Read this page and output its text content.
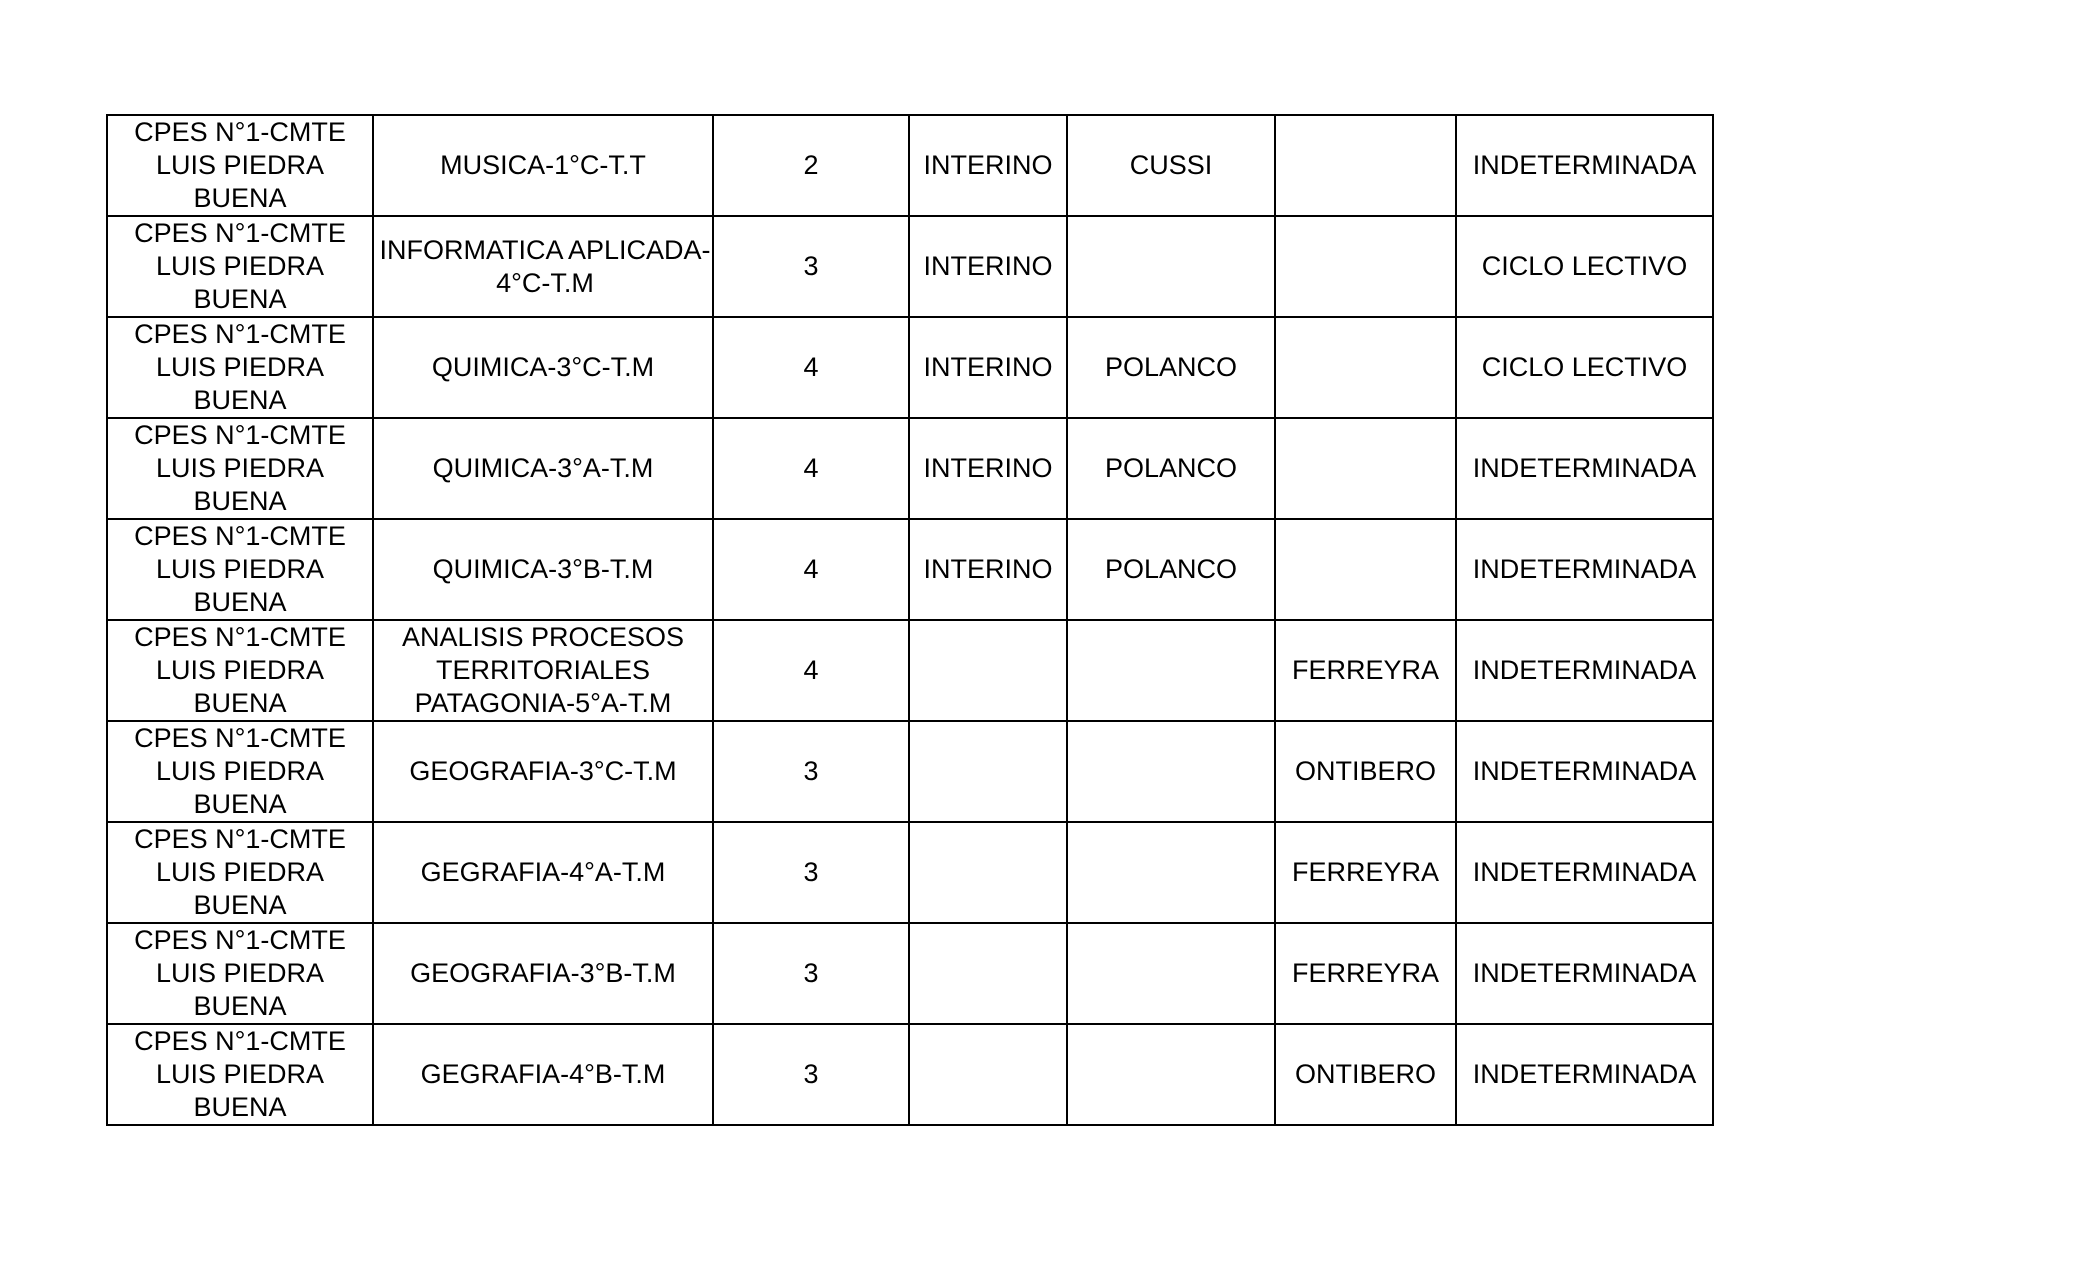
CPES N°1-CMTE LUIS PIEDRA BUENA	MUSICA-1°C-T.T	2	INTERINO	CUSSI		INDETERMINADA
CPES N°1-CMTE LUIS PIEDRA BUENA	INFORMATICA APLICADA-4°C-T.M	3	INTERINO			CICLO LECTIVO
CPES N°1-CMTE LUIS PIEDRA BUENA	QUIMICA-3°C-T.M	4	INTERINO	POLANCO		CICLO LECTIVO
CPES N°1-CMTE LUIS PIEDRA BUENA	QUIMICA-3°A-T.M	4	INTERINO	POLANCO		INDETERMINADA
CPES N°1-CMTE LUIS PIEDRA BUENA	QUIMICA-3°B-T.M	4	INTERINO	POLANCO		INDETERMINADA
CPES N°1-CMTE LUIS PIEDRA BUENA	ANALISIS PROCESOS TERRITORIALES PATAGONIA-5°A-T.M	4			FERREYRA	INDETERMINADA
CPES N°1-CMTE LUIS PIEDRA BUENA	GEOGRAFIA-3°C-T.M	3			ONTIBERO	INDETERMINADA
CPES N°1-CMTE LUIS PIEDRA BUENA	GEGRAFIA-4°A-T.M	3			FERREYRA	INDETERMINADA
CPES N°1-CMTE LUIS PIEDRA BUENA	GEOGRAFIA-3°B-T.M	3			FERREYRA	INDETERMINADA
CPES N°1-CMTE LUIS PIEDRA BUENA	GEGRAFIA-4°B-T.M	3			ONTIBERO	INDETERMINADA
